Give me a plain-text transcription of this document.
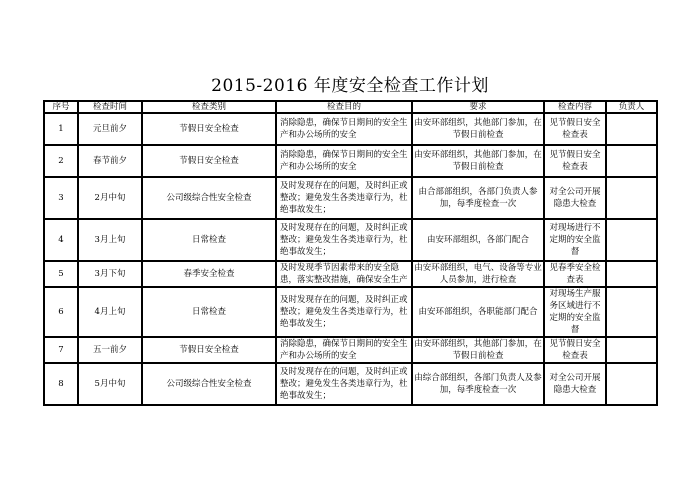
2015-2016 年度安全检查工作计划
序号	检查时间	检查类别	检查目的	要求	检查内容	负责人
1	元旦前夕	节假日安全检查	消除隐患，确保节日期间的安全生产和办公场所的安全	由安环部组织，其他部门参加，在节假日前检查	见节假日安全检查表	
2	春节前夕	节假日安全检查	消除隐患，确保节日期间的安全生产和办公场所的安全	由安环部组织，其他部门参加，在节假日前检查	见节假日安全检查表	
3	2月中旬	公司级综合性安全检查	及时发现存在的问题，及时纠正或整改；避免发生各类违章行为，杜绝事故发生；	由合部部组织，各部门负责人参加，每季度检查一次	对全公司开展隐患大检查	
4	3月上旬	日常检查	及时发现存在的问题，及时纠正或整改；避免发生各类违章行为，杜绝事故发生；	由安环部组织，各部门配合	对现场进行不定期的安全监督	
5	3月下旬	春季安全检查	及时发现季节因素带来的安全隐患，落实整改措施，确保安全生产	由安环部组织，电气、设备等专业人员参加，进行检查	见春季安全检查表	
6	4月上旬	日常检查	及时发现存在的问题，及时纠正或整改；避免发生各类违章行为，杜绝事故发生；	由安环部组织，各职能部门配合	对现场生产服务区域进行不定期的安全监督	
7	五一前夕	节假日安全检查	消除隐患，确保节日期间的安全生产和办公场所的安全	由安环部组织，其他部门参加，在节假日前检查	见节假日安全检查表	
8	5月中旬	公司级综合性安全检查	及时发现存在的问题，及时纠正或整改；避免发生各类违章行为，杜绝事故发生；	由综合部组织，各部门负责人及参加，每季度检查一次	对全公司开展隐患大检查	
